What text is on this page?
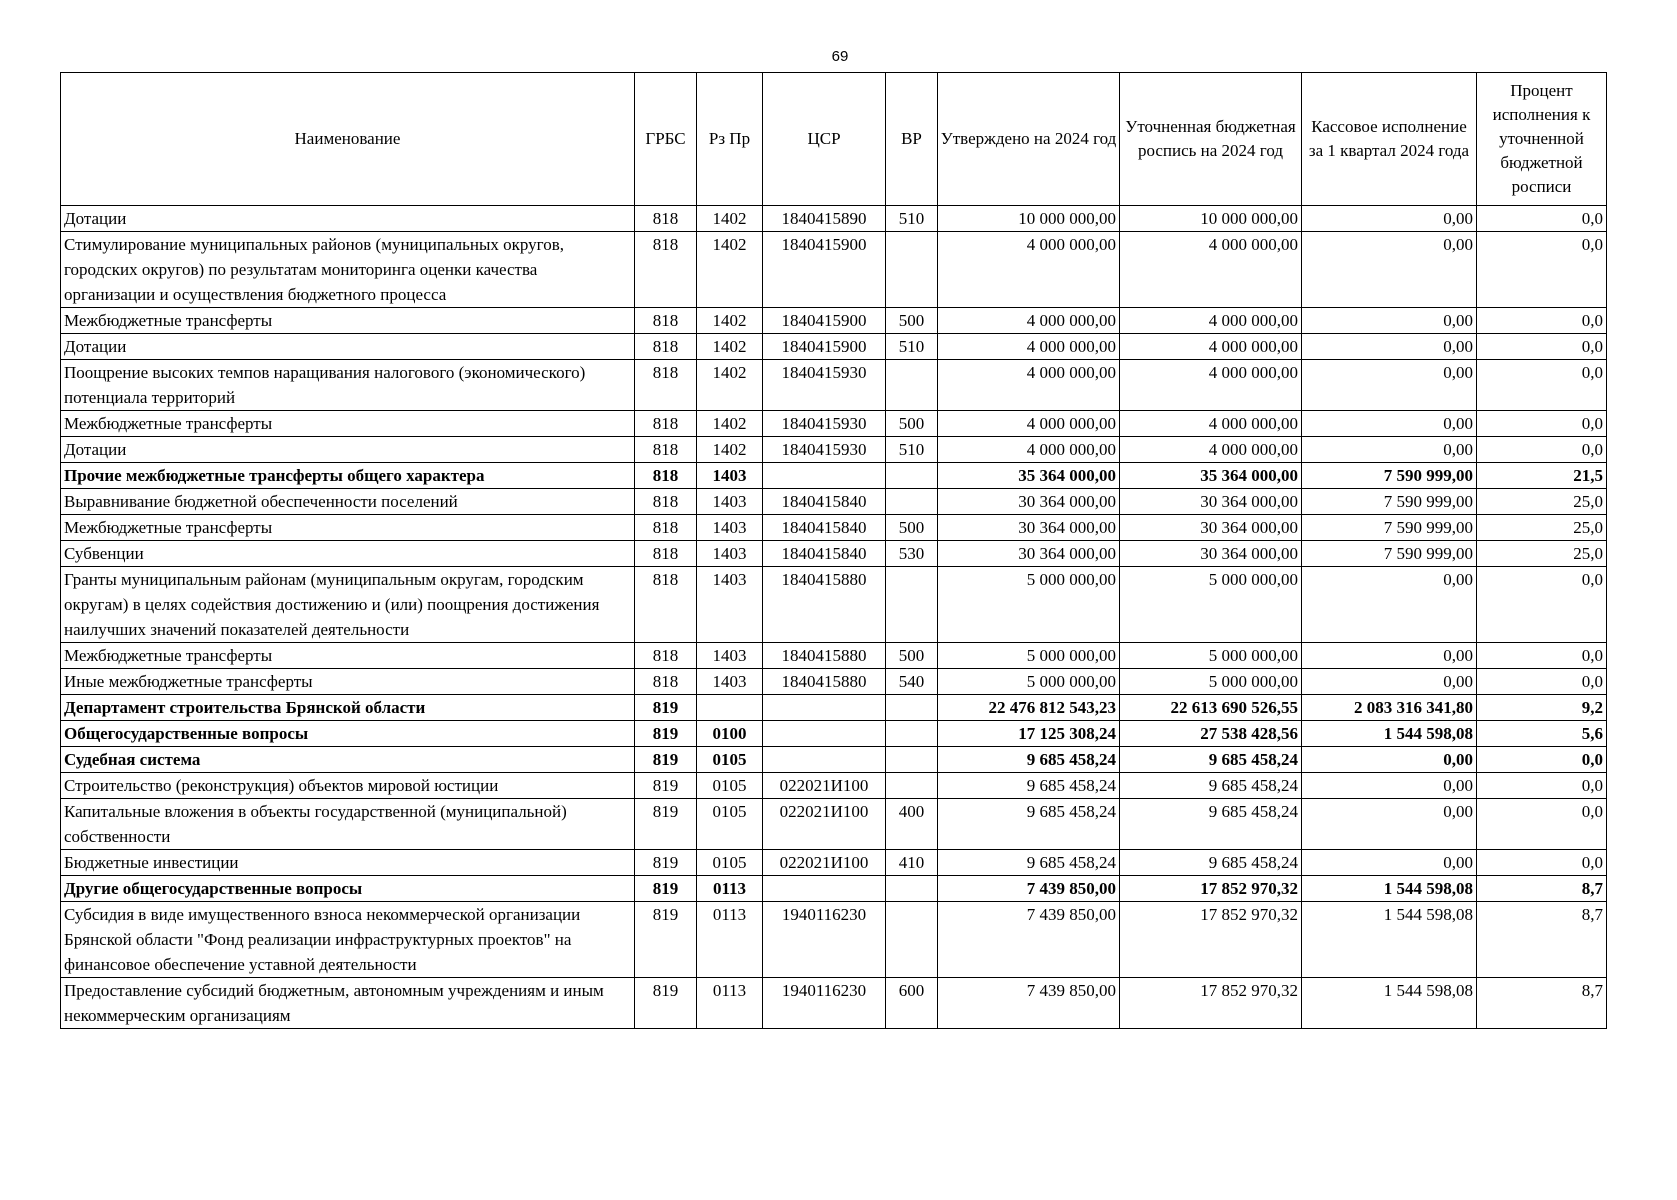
69
Наименование	ГРБС	Рз Пр	ЦСР	ВР	Утверждено на 2024 год	Уточненная бюджетная роспись на 2024 год	Кассовое исполнение за 1 квартал 2024 года	Процент исполнения к уточненной бюджетной росписи
Дотации	818	1402	1840415890	510	10 000 000,00	10 000 000,00	0,00	0,0
Стимулирование муниципальных районов (муниципальных округов, городских округов) по результатам мониторинга оценки качества организации и осуществления бюджетного процесса	818	1402	1840415900		4 000 000,00	4 000 000,00	0,00	0,0
Межбюджетные трансферты	818	1402	1840415900	500	4 000 000,00	4 000 000,00	0,00	0,0
Дотации	818	1402	1840415900	510	4 000 000,00	4 000 000,00	0,00	0,0
Поощрение высоких темпов наращивания налогового (экономического) потенциала территорий	818	1402	1840415930		4 000 000,00	4 000 000,00	0,00	0,0
Межбюджетные трансферты	818	1402	1840415930	500	4 000 000,00	4 000 000,00	0,00	0,0
Дотации	818	1402	1840415930	510	4 000 000,00	4 000 000,00	0,00	0,0
Прочие межбюджетные трансферты общего характера	818	1403			35 364 000,00	35 364 000,00	7 590 999,00	21,5
Выравнивание бюджетной обеспеченности поселений	818	1403	1840415840		30 364 000,00	30 364 000,00	7 590 999,00	25,0
Межбюджетные трансферты	818	1403	1840415840	500	30 364 000,00	30 364 000,00	7 590 999,00	25,0
Субвенции	818	1403	1840415840	530	30 364 000,00	30 364 000,00	7 590 999,00	25,0
Гранты муниципальным районам (муниципальным округам, городским округам) в целях содействия достижению и (или) поощрения достижения наилучших значений показателей деятельности	818	1403	1840415880		5 000 000,00	5 000 000,00	0,00	0,0
Межбюджетные трансферты	818	1403	1840415880	500	5 000 000,00	5 000 000,00	0,00	0,0
Иные межбюджетные трансферты	818	1403	1840415880	540	5 000 000,00	5 000 000,00	0,00	0,0
Департамент строительства Брянской области	819				22 476 812 543,23	22 613 690 526,55	2 083 316 341,80	9,2
Общегосударственные вопросы	819	0100			17 125 308,24	27 538 428,56	1 544 598,08	5,6
Судебная система	819	0105			9 685 458,24	9 685 458,24	0,00	0,0
Строительство (реконструкция) объектов мировой юстиции	819	0105	022021И100		9 685 458,24	9 685 458,24	0,00	0,0
Капитальные вложения в объекты государственной (муниципальной) собственности	819	0105	022021И100	400	9 685 458,24	9 685 458,24	0,00	0,0
Бюджетные инвестиции	819	0105	022021И100	410	9 685 458,24	9 685 458,24	0,00	0,0
Другие общегосударственные вопросы	819	0113			7 439 850,00	17 852 970,32	1 544 598,08	8,7
Субсидия в виде имущественного взноса некоммерческой организации Брянской области "Фонд реализации инфраструктурных проектов" на финансовое обеспечение уставной деятельности	819	0113	1940116230		7 439 850,00	17 852 970,32	1 544 598,08	8,7
Предоставление субсидий бюджетным, автономным учреждениям и иным некоммерческим организациям	819	0113	1940116230	600	7 439 850,00	17 852 970,32	1 544 598,08	8,7
